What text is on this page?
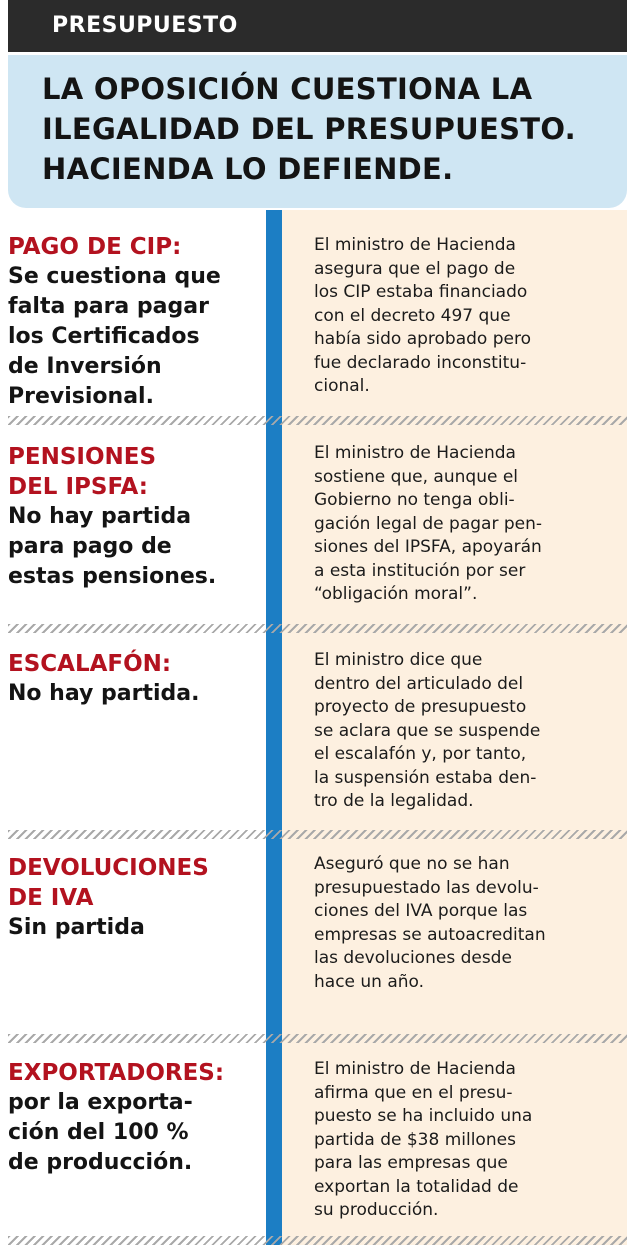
PRESUPUESTO
LA OPOSICIÓN CUESTIONA LA
ILEGALIDAD DEL PRESUPUESTO.
HACIENDA LO DEFIENDE.
PAGO DE CIP:
Se cuestiona que
falta para pagar
los Certificados
de Inversión
Previsional.
El ministro de Hacienda
asegura que el pago de
los CIP estaba financiado
con el decreto 497 que
había sido aprobado pero
fue declarado inconstitu-
cional.
PENSIONES
DEL IPSFA:
No hay partida
para pago de
estas pensiones.
El ministro de Hacienda
sostiene que, aunque el
Gobierno no tenga obli-
gación legal de pagar pen-
siones del IPSFA, apoyarán
a esta institución por ser
“obligación moral”.
ESCALAFÓN:
No hay partida.
El ministro dice que
dentro del articulado del
proyecto de presupuesto
se aclara que se suspende
el escalafón y, por tanto,
la suspensión estaba den-
tro de la legalidad.
DEVOLUCIONES
DE IVA
Sin partida
Aseguró que no se han
presupuestado las devolu-
ciones del IVA porque las
empresas se autoacreditan
las devoluciones desde
hace un año.
EXPORTADORES:
por la exporta-
ción del 100 %
de producción.
El ministro de Hacienda
afirma que en el presu-
puesto se ha incluido una
partida de $38 millones
para las empresas que
exportan la totalidad de
su producción.
